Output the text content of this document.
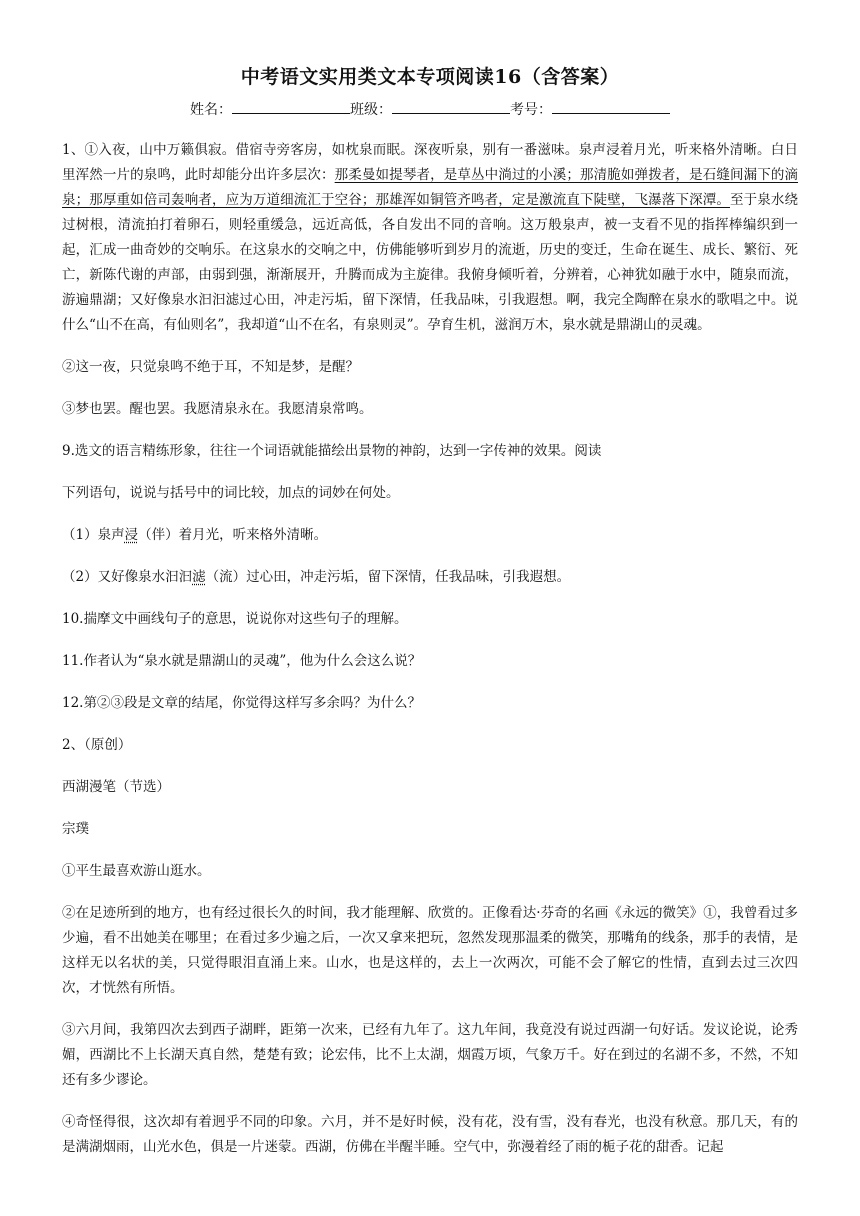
中考语文实用类文本专项阅读16（含答案）
姓名：	班级：	考号：

1、①入夜，山中万籁俱寂。借宿寺旁客房，如枕泉而眠。深夜听泉，别有一番滋味。泉声浸着月光，听来格外清晰。白日里浑然一片的泉鸣，此时却能分出许多层次：那柔曼如提琴者，是草丛中淌过的小溪；那清脆如弹拨者，是石缝间漏下的滴泉；那厚重如倍司轰响者，应为万道细流汇于空谷；那雄浑如铜管齐鸣者，定是激流直下陡壁，飞瀑落下深潭。至于泉水绕过树根，清流拍打着卵石，则轻重缓急，远近高低，各自发出不同的音响。这万般泉声，被一支看不见的指挥棒编织到一起，汇成一曲奇妙的交响乐。在这泉水的交响之中，仿佛能够听到岁月的流逝，历史的变迁，生命在诞生、成长、繁衍、死亡，新陈代谢的声部，由弱到强，渐渐展开，升腾而成为主旋律。我俯身倾听着，分辨着，心神犹如融于水中，随泉而流，游遍鼎湖；又好像泉水汩汩滤过心田，冲走污垢，留下深情，任我品味，引我遐想。啊，我完全陶醉在泉水的歌唱之中。说什么“山不在高，有仙则名”，我却道“山不在名，有泉则灵”。孕育生机，滋润万木，泉水就是鼎湖山的灵魂。

②这一夜，只觉泉鸣不绝于耳，不知是梦，是醒？

③梦也罢。醒也罢。我愿清泉永在。我愿清泉常鸣。

9.选文的语言精练形象，往往一个词语就能描绘出景物的神韵，达到一字传神的效果。阅读

下列语句，说说与括号中的词比较，加点的词妙在何处。

（1）泉声浸（伴）着月光，听来格外清晰。

（2）又好像泉水汩汩滤（流）过心田，冲走污垢，留下深情，任我品味，引我遐想。

10.揣摩文中画线句子的意思，说说你对这些句子的理解。

11.作者认为“泉水就是鼎湖山的灵魂”，他为什么会这么说？

12.第②③段是文章的结尾，你觉得这样写多余吗？为什么？

2、（原创）

西湖漫笔（节选）

宗璞

①平生最喜欢游山逛水。

②在足迹所到的地方，也有经过很长久的时间，我才能理解、欣赏的。正像看达·芬奇的名画《永远的微笑》①，我曾看过多少遍，看不出她美在哪里；在看过多少遍之后，一次又拿来把玩，忽然发现那温柔的微笑，那嘴角的线条，那手的表情，是这样无以名状的美，只觉得眼泪直涌上来。山水，也是这样的，去上一次两次，可能不会了解它的性情，直到去过三次四次，才恍然有所悟。

③六月间，我第四次去到西子湖畔，距第一次来，已经有九年了。这九年间，我竟没有说过西湖一句好话。发议论说，论秀媚，西湖比不上长湖天真自然，楚楚有致；论宏伟，比不上太湖，烟霞万顷，气象万千。好在到过的名湖不多，不然，不知还有多少谬论。

④奇怪得很，这次却有着迥乎不同的印象。六月，并不是好时候，没有花，没有雪，没有春光，也没有秋意。那几天，有的是满湖烟雨，山光水色，俱是一片迷蒙。西湖，仿佛在半醒半睡。空气中，弥漫着经了雨的栀子花的甜香。记起
